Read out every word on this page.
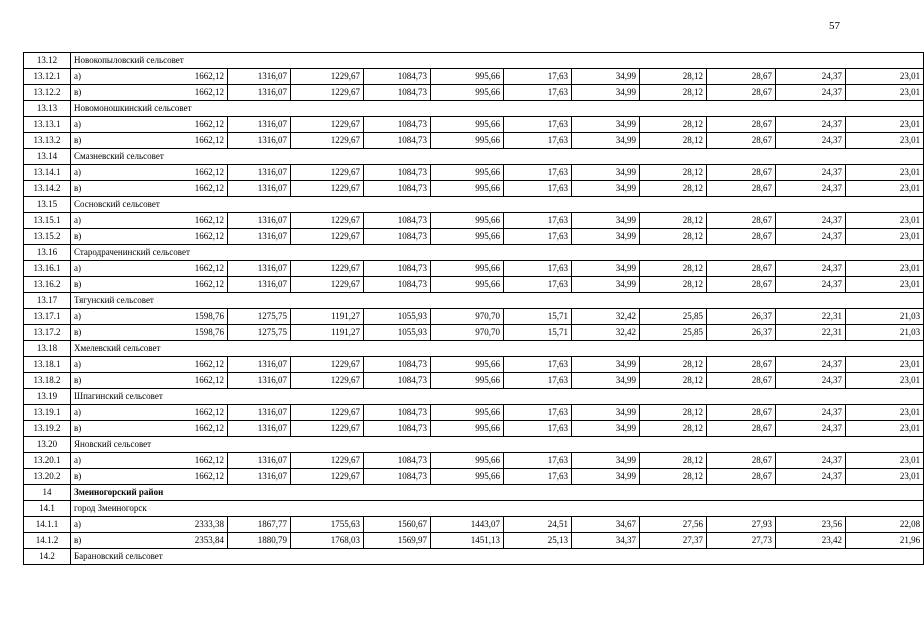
57
13.12	Новокопыловский сельсовет											
13.12.1	а)	1662,12	1316,07	1229,67	1084,73	995,66	17,63	34,99	28,12	28,67	24,37	23,01
13.12.2	в)	1662,12	1316,07	1229,67	1084,73	995,66	17,63	34,99	28,12	28,67	24,37	23,01
13.13	Новомоношкинский сельсовет											
13.13.1	а)	1662,12	1316,07	1229,67	1084,73	995,66	17,63	34,99	28,12	28,67	24,37	23,01
13.13.2	в)	1662,12	1316,07	1229,67	1084,73	995,66	17,63	34,99	28,12	28,67	24,37	23,01
13.14	Смазневский сельсовет											
13.14.1	а)	1662,12	1316,07	1229,67	1084,73	995,66	17,63	34,99	28,12	28,67	24,37	23,01
13.14.2	в)	1662,12	1316,07	1229,67	1084,73	995,66	17,63	34,99	28,12	28,67	24,37	23,01
13.15	Сосновский сельсовет											
13.15.1	а)	1662,12	1316,07	1229,67	1084,73	995,66	17,63	34,99	28,12	28,67	24,37	23,01
13.15.2	в)	1662,12	1316,07	1229,67	1084,73	995,66	17,63	34,99	28,12	28,67	24,37	23,01
13.16	Стародраченинский сельсовет											
13.16.1	а)	1662,12	1316,07	1229,67	1084,73	995,66	17,63	34,99	28,12	28,67	24,37	23,01
13.16.2	в)	1662,12	1316,07	1229,67	1084,73	995,66	17,63	34,99	28,12	28,67	24,37	23,01
13.17	Тягунский сельсовет											
13.17.1	а)	1598,76	1275,75	1191,27	1055,93	970,70	15,71	32,42	25,85	26,37	22,31	21,03
13.17.2	в)	1598,76	1275,75	1191,27	1055,93	970,70	15,71	32,42	25,85	26,37	22,31	21,03
13.18	Хмелевский сельсовет											
13.18.1	а)	1662,12	1316,07	1229,67	1084,73	995,66	17,63	34,99	28,12	28,67	24,37	23,01
13.18.2	в)	1662,12	1316,07	1229,67	1084,73	995,66	17,63	34,99	28,12	28,67	24,37	23,01
13.19	Шпагинский сельсовет											
13.19.1	а)	1662,12	1316,07	1229,67	1084,73	995,66	17,63	34,99	28,12	28,67	24,37	23,01
13.19.2	в)	1662,12	1316,07	1229,67	1084,73	995,66	17,63	34,99	28,12	28,67	24,37	23,01
13.20	Яновский сельсовет											
13.20.1	а)	1662,12	1316,07	1229,67	1084,73	995,66	17,63	34,99	28,12	28,67	24,37	23,01
13.20.2	в)	1662,12	1316,07	1229,67	1084,73	995,66	17,63	34,99	28,12	28,67	24,37	23,01
14	Змеиногорский район											
14.1	город Змеиногорск											
14.1.1	а)	2333,38	1867,77	1755,63	1560,67	1443,07	24,51	34,67	27,56	27,93	23,56	22,08
14.1.2	в)	2353,84	1880,79	1768,03	1569,97	1451,13	25,13	34,37	27,37	27,73	23,42	21,96
14.2	Барановский сельсовет											
